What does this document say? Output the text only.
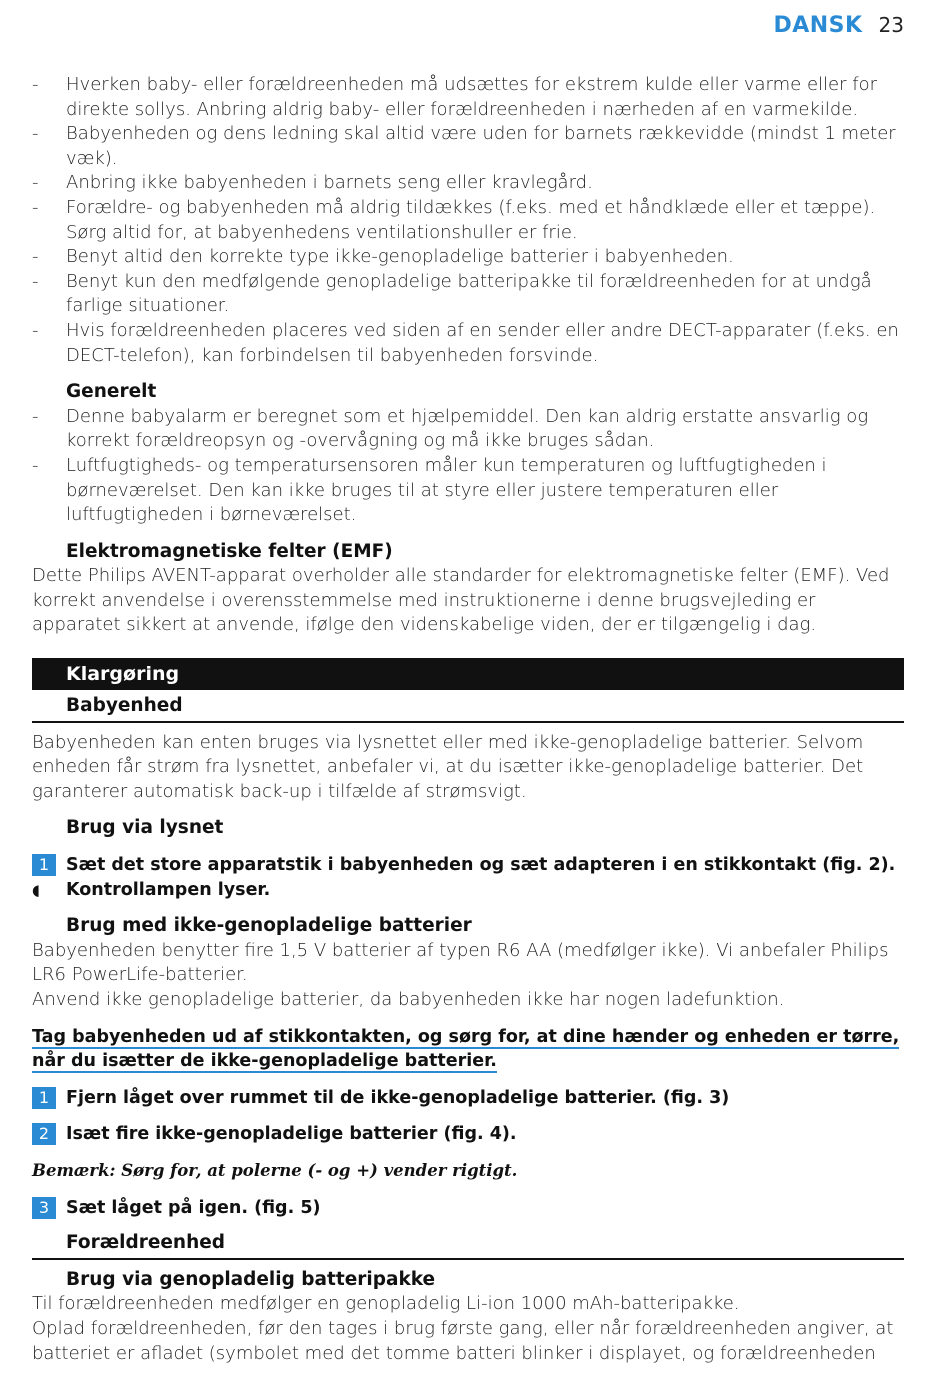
DANSK 23
- Hverken baby- eller forældreenheden må udsættes for ekstrem kulde eller varme eller for direkte sollys. Anbring aldrig baby- eller forældreenheden i nærheden af en varmekilde.
- Babyenheden og dens ledning skal altid være uden for barnets rækkevidde (mindst 1 meter væk).
- Anbring ikke babyenheden i barnets seng eller kravlegård.
- Forældre- og babyenheden må aldrig tildækkes (f.eks. med et håndklæde eller et tæppe). Sørg altid for, at babyenhedens ventilationshuller er frie.
- Benyt altid den korrekte type ikke-genopladelige batterier i babyenheden.
- Benyt kun den medfølgende genopladelige batteripakke til forældreenheden for at undgå farlige situationer.
- Hvis forældreenheden placeres ved siden af en sender eller andre DECT-apparater (f.eks. en DECT-telefon), kan forbindelsen til babyenheden forsvinde.
Generelt
- Denne babyalarm er beregnet som et hjælpemiddel. Den kan aldrig erstatte ansvarlig og korrekt forældreopsyn og -overvågning og må ikke bruges sådan.
- Luftfugtigheds- og temperatursensoren måler kun temperaturen og luftfugtigheden i børneværelset. Den kan ikke bruges til at styre eller justere temperaturen eller luftfugtigheden i børneværelset.
Elektromagnetiske felter (EMF)
Dette Philips AVENT-apparat overholder alle standarder for elektromagnetiske felter (EMF). Ved korrekt anvendelse i overensstemmelse med instruktionerne i denne brugsvejleding er apparatet sikkert at anvende, ifølge den videnskabelige viden, der er tilgængelig i dag.
Klargøring
Babyenhed
Babyenheden kan enten bruges via lysnettet eller med ikke-genopladelige batterier. Selvom enheden får strøm fra lysnettet, anbefaler vi, at du isætter ikke-genopladelige batterier. Det garanterer automatisk back-up i tilfælde af strømsvigt.
Brug via lysnet
1 Sæt det store apparatstik i babyenheden og sæt adapteren i en stikkontakt (fig. 2).
◖	Kontrollampen lyser.
Brug med ikke-genopladelige batterier
Babyenheden benytter fire 1,5 V batterier af typen R6 AA (medfølger ikke). Vi anbefaler Philips LR6 PowerLife-batterier.
Anvend ikke genopladelige batterier, da babyenheden ikke har nogen ladefunktion.
Tag babyenheden ud af stikkontakten, og sørg for, at dine hænder og enheden er tørre, når du isætter de ikke-genopladelige batterier.
1 Fjern låget over rummet til de ikke-genopladelige batterier. (fig. 3)
2 Isæt fire ikke-genopladelige batterier (fig. 4).
Bemærk: Sørg for, at polerne (- og +) vender rigtigt.
3 Sæt låget på igen. (fig. 5)
Forældreenhed
Brug via genopladelig batteripakke
Til forældreenheden medfølger en genopladelig Li-ion 1000 mAh-batteripakke.
Oplad forældreenheden, før den tages i brug første gang, eller når forældreenheden angiver, at batteriet er afladet (symbolet med det tomme batteri blinker i displayet, og forældreenheden
